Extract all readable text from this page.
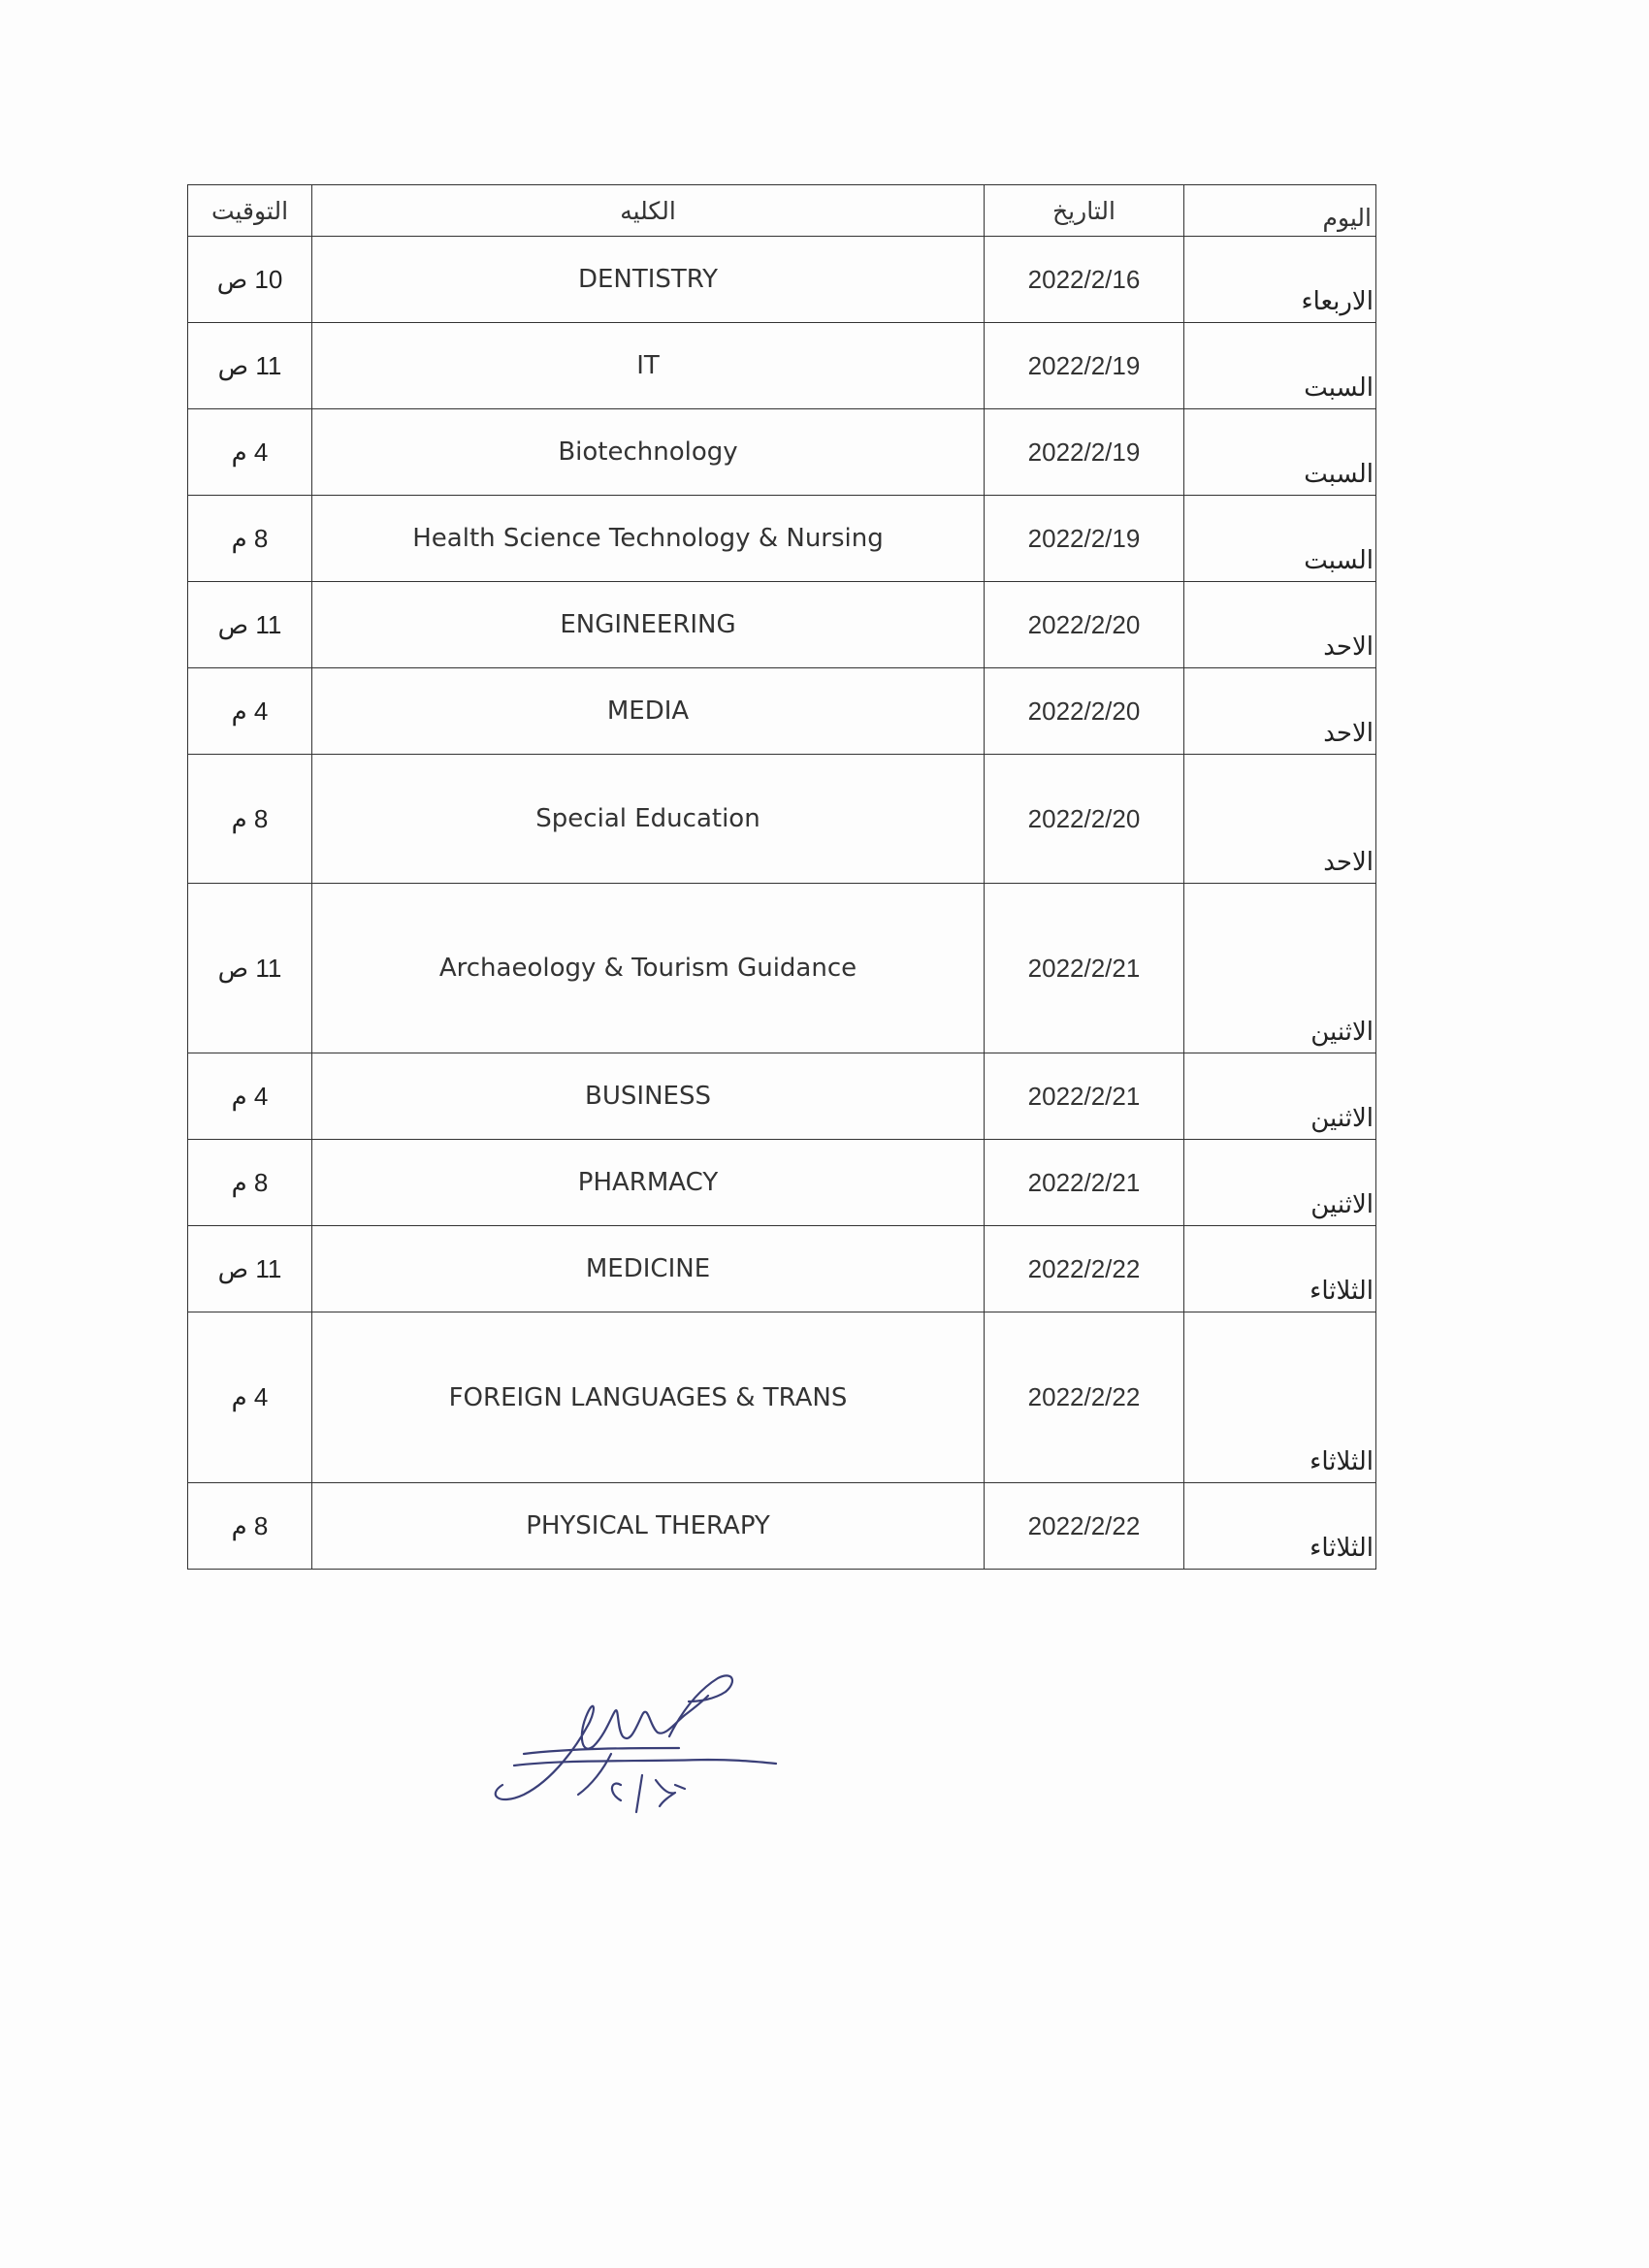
التوقيت	الكليه	التاريخ	اليوم
10 ص	DENTISTRY	2022/2/16	الاربعاء
11 ص	IT	2022/2/19	السبت
4 م	Biotechnology	2022/2/19	السبت
8 م	Health Science Technology & Nursing	2022/2/19	السبت
11 ص	ENGINEERING	2022/2/20	الاحد
4 م	MEDIA	2022/2/20	الاحد
8 م	Special Education	2022/2/20	الاحد
11 ص	Archaeology & Tourism Guidance	2022/2/21	الاثنين
4 م	BUSINESS	2022/2/21	الاثنين
8 م	PHARMACY	2022/2/21	الاثنين
11 ص	MEDICINE	2022/2/22	الثلاثاء
4 م	FOREIGN LANGUAGES & TRANS	2022/2/22	الثلاثاء
8 م	PHYSICAL THERAPY	2022/2/22	الثلاثاء
